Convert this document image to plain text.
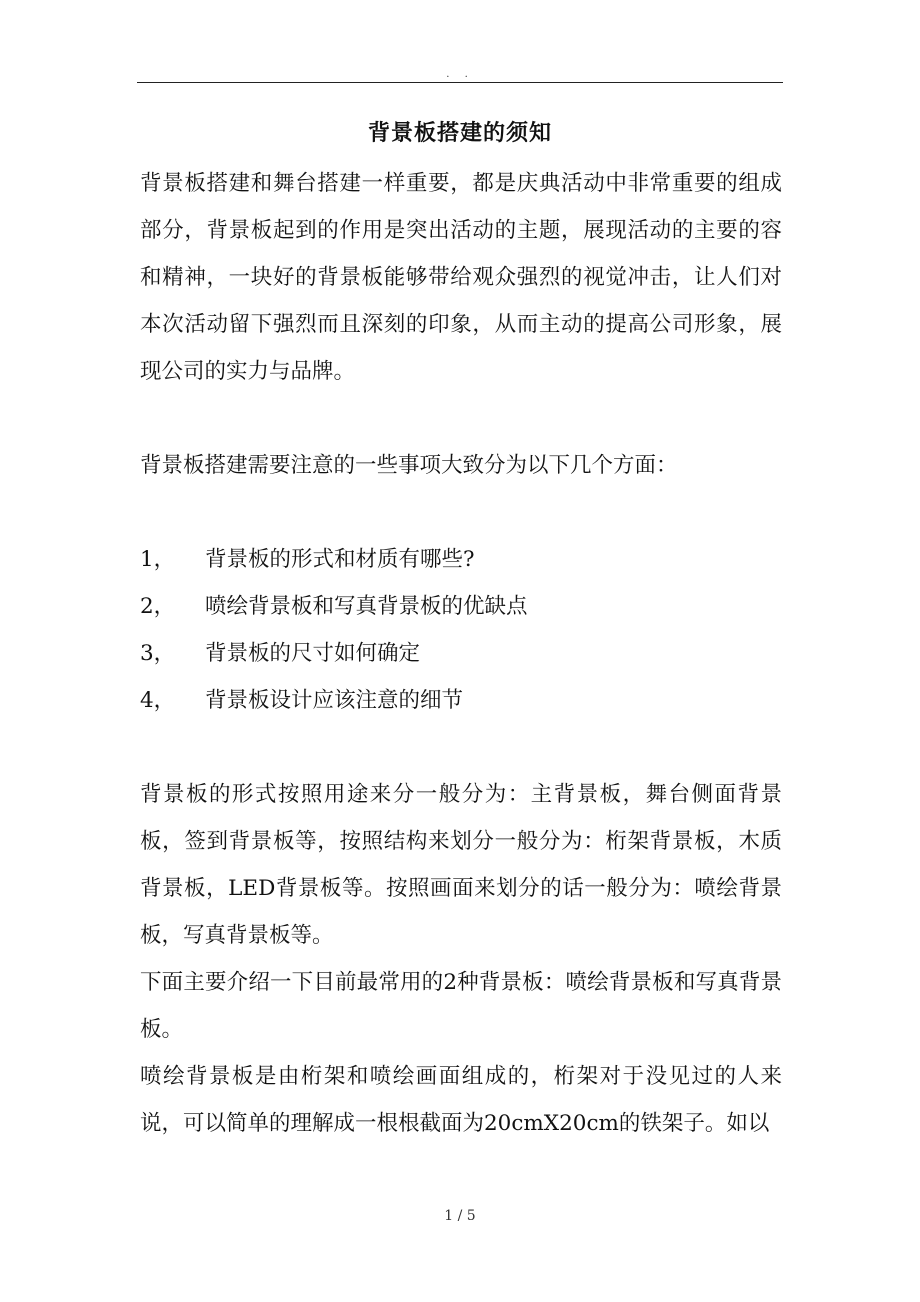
. .
背景板搭建的须知

背景板搭建和舞台搭建一样重要，都是庆典活动中非常重要的组成部分，背景板起到的作用是突出活动的主题，展现活动的主要的容和精神，一块好的背景板能够带给观众强烈的视觉冲击，让人们对本次活动留下强烈而且深刻的印象，从而主动的提高公司形象，展现公司的实力与品牌。

背景板搭建需要注意的一些事项大致分为以下几个方面：

1，	背景板的形式和材质有哪些?
2，	喷绘背景板和写真背景板的优缺点
3，	背景板的尺寸如何确定
4，	背景板设计应该注意的细节

背景板的形式按照用途来分一般分为：主背景板，舞台侧面背景板，签到背景板等，按照结构来划分一般分为：桁架背景板，木质背景板，LED背景板等。按照画面来划分的话一般分为：喷绘背景板，写真背景板等。

下面主要介绍一下目前最常用的2种背景板：喷绘背景板和写真背景板。

喷绘背景板是由桁架和喷绘画面组成的，桁架对于没见过的人来说，可以简单的理解成一根根截面为20cmX20cm的铁架子。如以

1 / 5
